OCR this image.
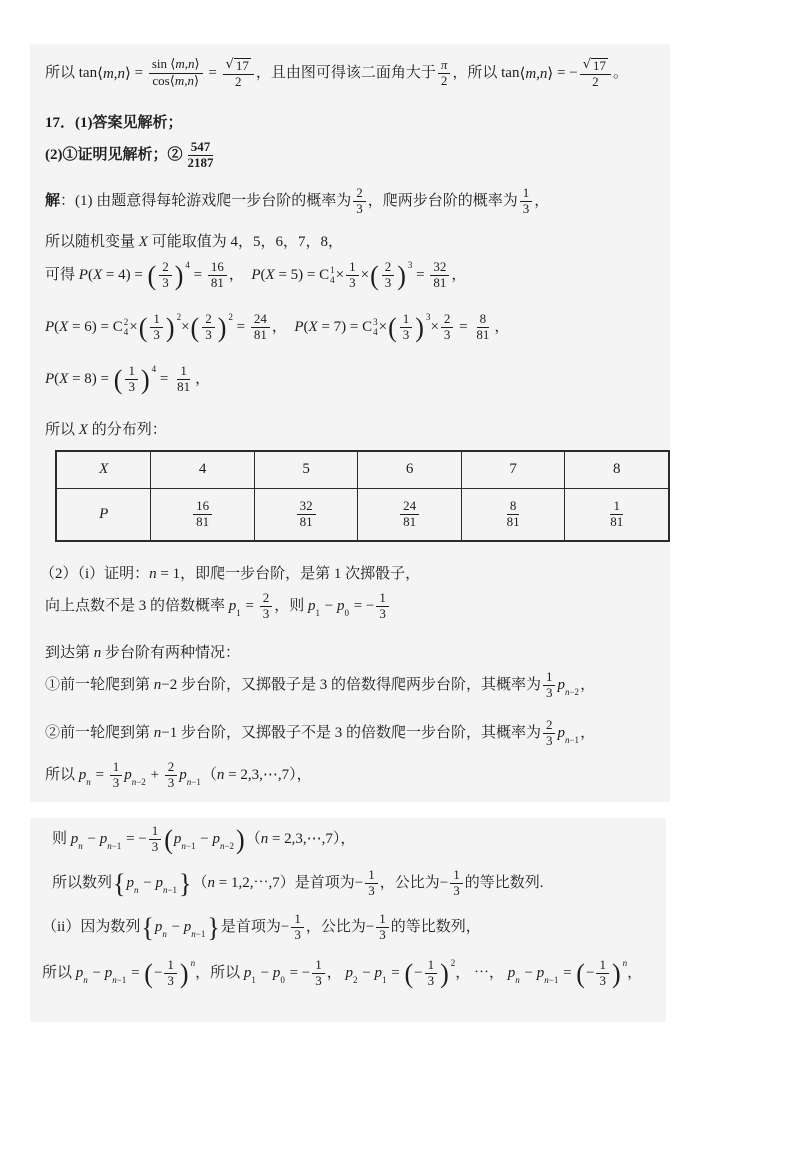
所以 tan ⟨m,n⟩ = $\frac{\sin ⟨m,n⟩}{\cos⟨m,n⟩} = \frac{√ 17}{2}$ ，且由图可得该二面角大于 $\frac{\pi}{2}$ ，所以 tan ⟨m,n⟩ = − $\frac{√ 17}{2}$ 。
17．(1)答案见解析；
(2)①证明见解析；② $\frac{547}{2187}$
解 ：(1) 由题意得每轮游戏爬一步台阶的概率为 $\frac{2}{3}$ ，爬两步台阶的概率为 $\frac{1}{3}$ ，
所以随机变量 X 可能取值为 4，5，6，7，8，
可得 P ( X = 4) = ( $\frac{2}{3}$ ) 4
= $\frac{16}{81}$ ， P ( X = 5) = C 1
$4 \times \frac{1}{3}$ × ( $\frac{2}{3}$ ) 3
= $\frac{32}{81}$ ，
P ( X = 6) = C 2
4 × ( $\frac{1}{3}$ ) 2
× ( $\frac{2}{3}$ ) 2
= $\frac{24}{81}$ ， P ( X = 7) = C 3
4 × ( $\frac{1}{3}$ ) 3
× $\frac{2}{3} = \frac{8}{81}$ ，
P ( X = 8) = ( $\frac{1}{3}$ ) 4
= $\frac{1}{81}$ ，
所以 X 的分布列：
X	4	5	6	7	8
P	$\frac{16}{81}$	$\frac{32}{81}$	$\frac{24}{81}$	$\frac{8}{81}$	$\frac{1}{81}$
（2）（i）证明： n = 1，即爬一步台阶，是第 1 次掷骰子，
向上点数不是 3 的倍数概率 p $1 = \frac{2}{3}$ ，则 p 1 − p 0 = − $\frac{1}{3}$
到达第 n 步台阶有两种情况：
①前一轮爬到第 n −2 步台阶，又掷骰子是 3 的倍数得爬两步台阶，其概率为 $\frac{1}{3}$ p n−2 ，
②前一轮爬到第 n −1 步台阶，又掷骰子不是 3 的倍数爬一步台阶，其概率为 $\frac{2}{3}$ p n−1 ，
所以 p $n = \frac{1}{3}$ p $n-2 + \frac{2}{3}$ p n−1 （ n = 2,3,⋯,7），
则 p n − p n−1 = − $\frac{1}{3}$ ( p n−1 − p n−2 ) （ n = 2,3,⋯,7），
所以数列 { p n − p n−1 } （ n = 1,2,⋯,7）是首项为− $\frac{1}{3}$ ，公比为− $\frac{1}{3}$ 的等比数列.
（ii）因为数列 { p n − p n−1 } 是首项为− $\frac{1}{3}$ ，公比为− $\frac{1}{3}$ 的等比数列，
所以 p n − p n−1 = ( − $\frac{1}{3}$ ) n
，所以 p 1 − p 0 = − $\frac{1}{3}$ ， p 2 − p 1 = ( − $\frac{1}{3}$ ) 2
， ⋯， p n − p n−1 = ( − $\frac{1}{3}$ ) n
，
